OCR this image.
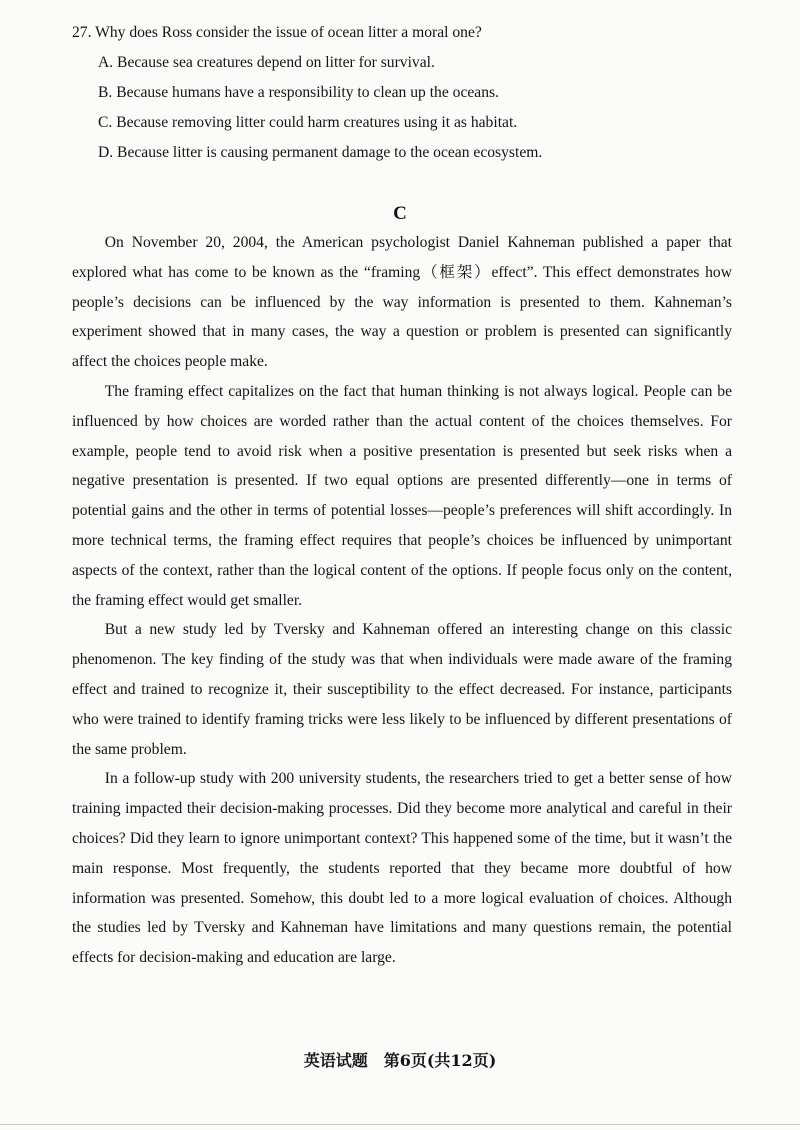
27. Why does Ross consider the issue of ocean litter a moral one?

A. Because sea creatures depend on litter for survival.

B. Because humans have a responsibility to clean up the oceans.

C. Because removing litter could harm creatures using it as habitat.

D. Because litter is causing permanent damage to the ocean ecosystem.

C

On November 20, 2004, the American psychologist Daniel Kahneman published a paper that explored what has come to be known as the “framing（框架）effect”. This effect demonstrates how people’s decisions can be influenced by the way information is presented to them. Kahneman’s experiment showed that in many cases, the way a question or problem is presented can significantly affect the choices people make.

The framing effect capitalizes on the fact that human thinking is not always logical. People can be influenced by how choices are worded rather than the actual content of the choices themselves. For example, people tend to avoid risk when a positive presentation is presented but seek risks when a negative presentation is presented. If two equal options are presented differently—one in terms of potential gains and the other in terms of potential losses—people’s preferences will shift accordingly. In more technical terms, the framing effect requires that people’s choices be influenced by unimportant aspects of the context, rather than the logical content of the options. If people focus only on the content, the framing effect would get smaller.

But a new study led by Tversky and Kahneman offered an interesting change on this classic phenomenon. The key finding of the study was that when individuals were made aware of the framing effect and trained to recognize it, their susceptibility to the effect decreased. For instance, participants who were trained to identify framing tricks were less likely to be influenced by different presentations of the same problem.

In a follow-up study with 200 university students, the researchers tried to get a better sense of how training impacted their decision-making processes. Did they become more analytical and careful in their choices? Did they learn to ignore unimportant context? This happened some of the time, but it wasn’t the main response. Most frequently, the students reported that they became more doubtful of how information was presented. Somehow, this doubt led to a more logical evaluation of choices. Although the studies led by Tversky and Kahneman have limitations and many questions remain, the potential effects for decision-making and education are large.

英语试题　第6页(共12页)
